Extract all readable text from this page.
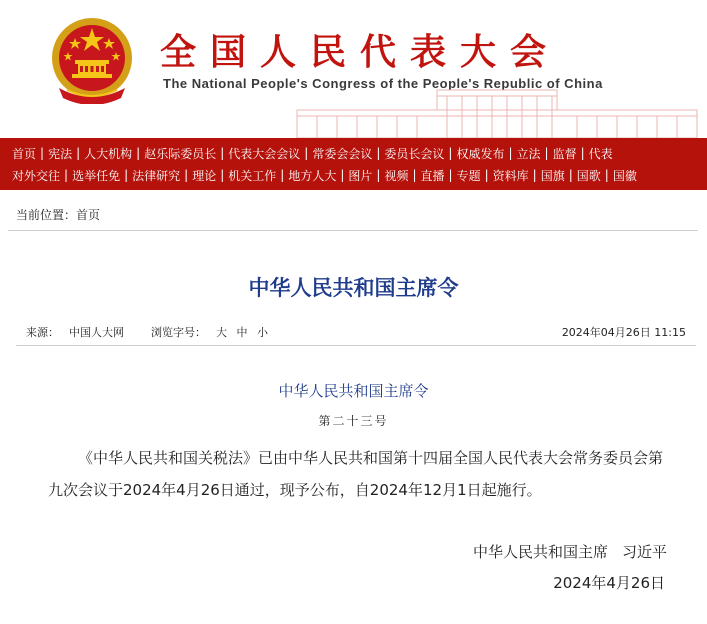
全国人民代表大会
The National People's Congress of the People's Republic of China
首页 | 宪法 | 人大机构 | 赵乐际委员长 | 代表大会会议 | 常委会会议 | 委员长会议 | 权威发布 | 立法 | 监督 | 代表
对外交往 | 选举任免 | 法律研究 | 理论 | 机关工作 | 地方人大 | 图片 | 视频 | 直播 | 专题 | 资料库 | 国旗 | 国歌 | 国徽
当前位置：首页
中华人民共和国主席令
来源： 中国人大网 浏览字号： 大 中 小	2024年04月26日 11:15
中华人民共和国主席令
第二十三号
《中华人民共和国关税法》已由中华人民共和国第十四届全国人民代表大会常务委员会第九次会议于2024年4月26日通过，现予公布，自2024年12月1日起施行。
中华人民共和国主席 习近平
2024年4月26日
